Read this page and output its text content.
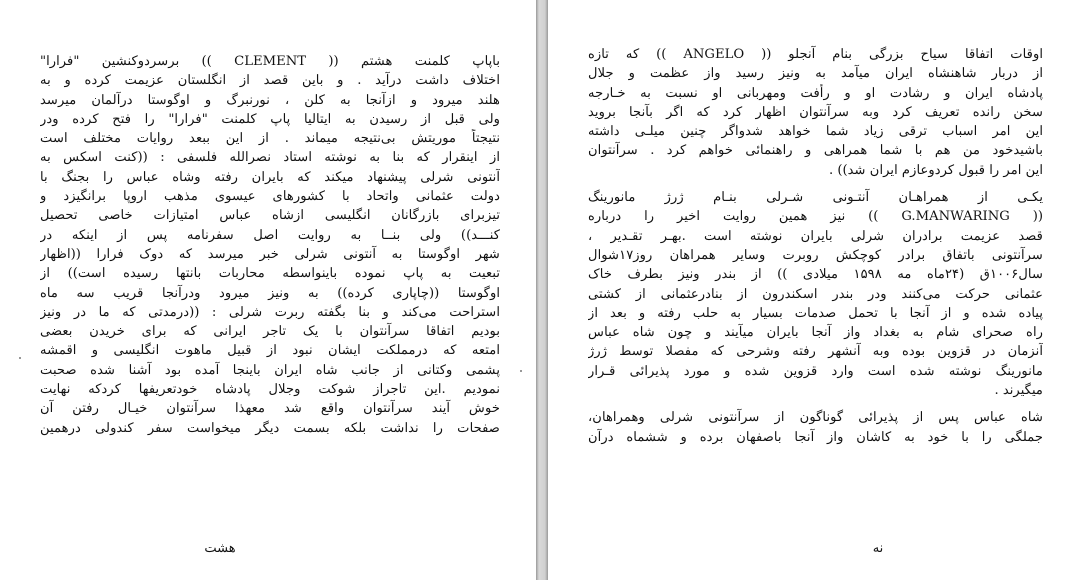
باپاپ کلمنت هشتم (( CLEMENT )) برسردوکنشین "فرارا"
اختلاف داشت درآید . و باین قصد از انگلستان عزیمت کرده و به
هلند میرود و ازآنجا به کلن ، نورنبرگ و اوگوستا درآلمان میرسد
ولی قبل از رسیدن به ایتالیا پاپ کلمنت "فرارا" را فتح کرده ودر
نتیجتاً موریتش بی‌نتیجه میماند . از این ببعد روایات مختلف است
از اینقرار که بنا به نوشته استاد نصرالله فلسفی : ((کنت اسکس به
آنتونی شرلی پیشنهاد میکند که بایران رفته وشاه عباس را بجنگ با
دولت عثمانی واتحاد با کشورهای عیسوی مذهب اروپا برانگیزد و
تیزبرای بازرگانان انگلیسی ازشاه عباس امتیازات خاصی تحصیل
کنـــد)) ولی بنــا به روایت اصل سفرنامه پس از اینکه در
شهر اوگوستا به آنتونی شرلی خبر میرسد که دوک فرارا ((اظهار
تبعیت به پاپ نموده باینواسطه محاربات بانتها رسیده است)) از
اوگوستا ((چاپاری کرده)) به ونیز میرود ودرآنجا قریب سه ماه
استراحت می‌کند و بنا بگفته ربرت شرلی : ((درمدتی که ما در ونیز
بودیم اتفاقا سرآنتوان با یک تاجر ایرانی که برای خریدن بعضی
امتعه که درمملکت ایشان نبود از قبیل ماهوت انگلیسی و اقمشه
پشمی وکتانی از جانب شاه ایران باینجا آمده بود آشنا شده صحبت
نمودیم .این تاجراز شوکت وجلال پادشاه خودتعریفها کردکه نهایت
خوش آیند سرآنتوان واقع شد معهذا سرآنتوان خیـال رفتن آن
صفحات را نداشت بلکه بسمت دیگر میخواست سفر کندولی درهمین
هشت
اوقات اتفاقا سیاح بزرگی بنام آنجلو (( ANGELO )) که تازه
از دربار شاهنشاه ایران میآمد به ونیز رسید واز عظمت و جلال
پادشاه ایران و رشادت او و رأفت ومهربانی او نسبت به خـارجه
سخن رانده تعریف کرد وبه سرآنتوان اظهار کرد که اگر بآنجا بروید
این امر اسباب ترقی زیاد شما خواهد شدواگر چنین میلـی داشته
باشیدخود من هم با شما همراهی و راهنمائی خواهم کرد . سرآنتوان
این امر را قبول کردوعازم ایران شد)) .
یکـی از همراهـان آنتـونی شـرلی بنـام ژرژ مانورینگ
(( G.MANWARING )) نیز همین روایت اخیر را درباره
قصد عزیمت برادران شرلی بایران نوشته است .بهـر تقـدیر ،
سرآنتونی باتفاق برادر کوچکش روبرت وسایر همراهان روز۱۷شوال
سال۱۰۰۶ق (۲۴ماه مه ۱۵۹۸ میلادی )) از بندر ونیز بطرف خاک
عثمانی حرکت می‌کنند ودر بندر اسکندرون از بنادرعثمانی از کشتی
پیاده شده و از آنجا با تحمل صدمات بسیار به حلب رفته و بعد از
راه صحرای شام به بغداد واز آنجا بایران میآیند و چون شاه عباس
آنزمان در قزوین بوده وبه آنشهر رفته وشرحی که مفصلا توسط ژرژ
مانورینگ نوشته شده است وارد قزوین شده و مورد پذیرائی قـرار
میگیرند .
شاه عباس پس از پذیرائی گوناگون از سرآنتونی شرلی وهمراهان،
جملگی را با خود به کاشان واز آنجا باصفهان برده و ششماه درآن
نه
